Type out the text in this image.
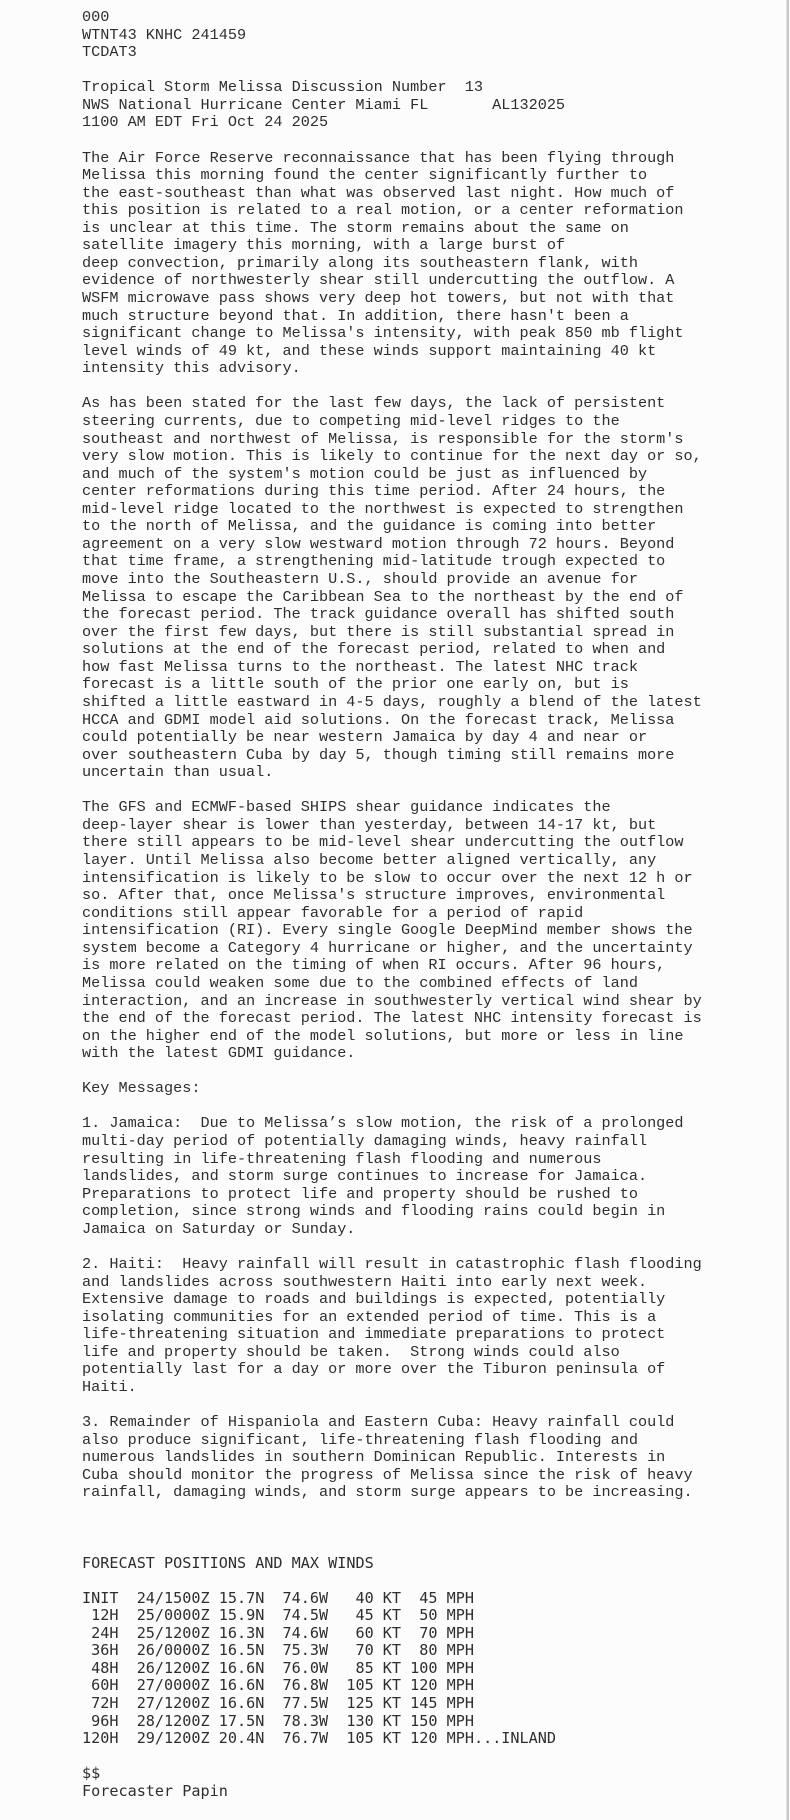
000
WTNT43 KNHC 241459
TCDAT3
Tropical Storm Melissa Discussion Number  13
NWS National Hurricane Center Miami FL       AL132025
1100 AM EDT Fri Oct 24 2025
The Air Force Reserve reconnaissance that has been flying through
Melissa this morning found the center significantly further to
the east-southeast than what was observed last night. How much of
this position is related to a real motion, or a center reformation
is unclear at this time. The storm remains about the same on
satellite imagery this morning, with a large burst of
deep convection, primarily along its southeastern flank, with
evidence of northwesterly shear still undercutting the outflow. A
WSFM microwave pass shows very deep hot towers, but not with that
much structure beyond that. In addition, there hasn't been a
significant change to Melissa's intensity, with peak 850 mb flight
level winds of 49 kt, and these winds support maintaining 40 kt
intensity this advisory.
As has been stated for the last few days, the lack of persistent
steering currents, due to competing mid-level ridges to the
southeast and northwest of Melissa, is responsible for the storm's
very slow motion. This is likely to continue for the next day or so,
and much of the system's motion could be just as influenced by
center reformations during this time period. After 24 hours, the
mid-level ridge located to the northwest is expected to strengthen
to the north of Melissa, and the guidance is coming into better
agreement on a very slow westward motion through 72 hours. Beyond
that time frame, a strengthening mid-latitude trough expected to
move into the Southeastern U.S., should provide an avenue for
Melissa to escape the Caribbean Sea to the northeast by the end of
the forecast period. The track guidance overall has shifted south
over the first few days, but there is still substantial spread in
solutions at the end of the forecast period, related to when and
how fast Melissa turns to the northeast. The latest NHC track
forecast is a little south of the prior one early on, but is
shifted a little eastward in 4-5 days, roughly a blend of the latest
HCCA and GDMI model aid solutions. On the forecast track, Melissa
could potentially be near western Jamaica by day 4 and near or
over southeastern Cuba by day 5, though timing still remains more
uncertain than usual.
The GFS and ECMWF-based SHIPS shear guidance indicates the
deep-layer shear is lower than yesterday, between 14-17 kt, but
there still appears to be mid-level shear undercutting the outflow
layer. Until Melissa also become better aligned vertically, any
intensification is likely to be slow to occur over the next 12 h or
so. After that, once Melissa's structure improves, environmental
conditions still appear favorable for a period of rapid
intensification (RI). Every single Google DeepMind member shows the
system become a Category 4 hurricane or higher, and the uncertainty
is more related on the timing of when RI occurs. After 96 hours,
Melissa could weaken some due to the combined effects of land
interaction, and an increase in southwesterly vertical wind shear by
the end of the forecast period. The latest NHC intensity forecast is
on the higher end of the model solutions, but more or less in line
with the latest GDMI guidance.
Key Messages:
1. Jamaica:  Due to Melissa’s slow motion, the risk of a prolonged
multi-day period of potentially damaging winds, heavy rainfall
resulting in life-threatening flash flooding and numerous
landslides, and storm surge continues to increase for Jamaica.
Preparations to protect life and property should be rushed to
completion, since strong winds and flooding rains could begin in
Jamaica on Saturday or Sunday.
2. Haiti:  Heavy rainfall will result in catastrophic flash flooding
and landslides across southwestern Haiti into early next week.
Extensive damage to roads and buildings is expected, potentially
isolating communities for an extended period of time. This is a
life-threatening situation and immediate preparations to protect
life and property should be taken.  Strong winds could also
potentially last for a day or more over the Tiburon peninsula of
Haiti.
3. Remainder of Hispaniola and Eastern Cuba: Heavy rainfall could
also produce significant, life-threatening flash flooding and
numerous landslides in southern Dominican Republic. Interests in
Cuba should monitor the progress of Melissa since the risk of heavy
rainfall, damaging winds, and storm surge appears to be increasing.
FORECAST POSITIONS AND MAX WINDS
INIT  24/1500Z 15.7N  74.6W   40 KT  45 MPH
12H  25/0000Z 15.9N  74.5W   45 KT  50 MPH
24H  25/1200Z 16.3N  74.6W   60 KT  70 MPH
36H  26/0000Z 16.5N  75.3W   70 KT  80 MPH
48H  26/1200Z 16.6N  76.0W   85 KT 100 MPH
60H  27/0000Z 16.6N  76.8W  105 KT 120 MPH
72H  27/1200Z 16.6N  77.5W  125 KT 145 MPH
96H  28/1200Z 17.5N  78.3W  130 KT 150 MPH
120H  29/1200Z 20.4N  76.7W  105 KT 120 MPH...INLAND
$$
Forecaster Papin
